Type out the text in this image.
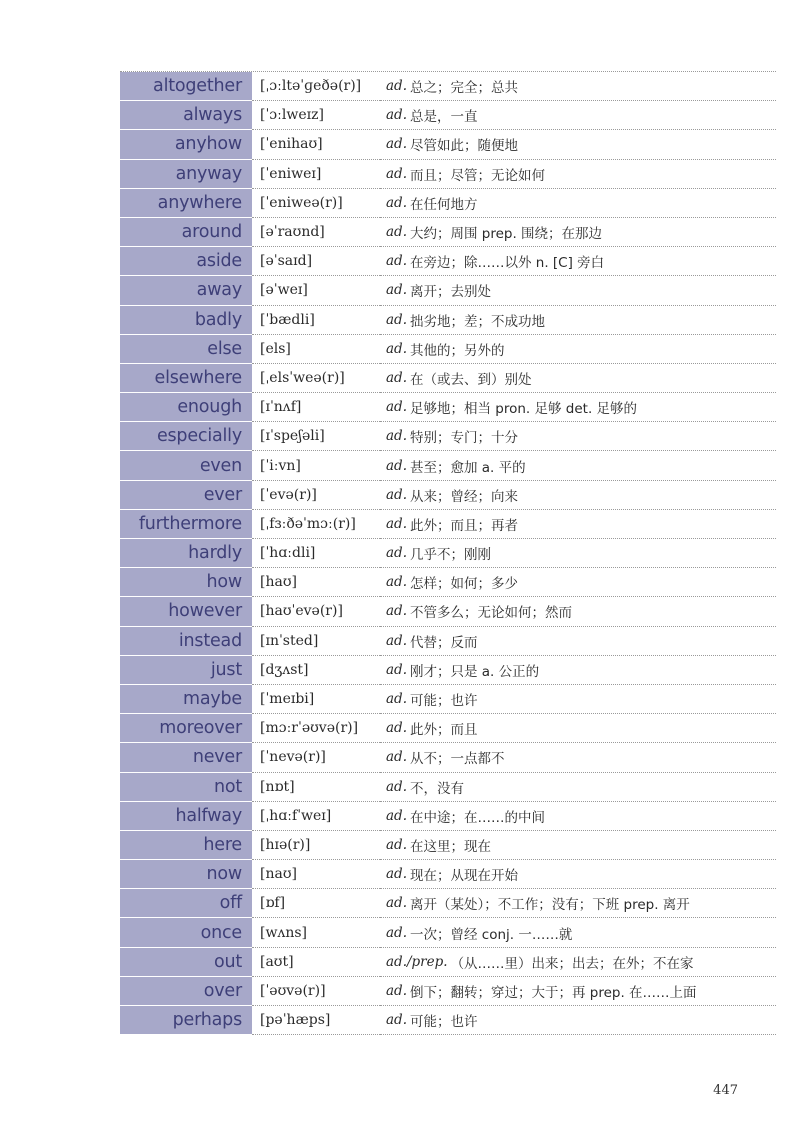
altogether	[ˌɔːltəˈɡeðə(r)]	ad. 总之；完全；总共
always	[ˈɔːlweɪz]	ad. 总是，一直
anyhow	[ˈenihaʊ]	ad. 尽管如此；随便地
anyway	[ˈeniweɪ]	ad. 而且；尽管；无论如何
anywhere	[ˈeniweə(r)]	ad. 在任何地方
around	[əˈraʊnd]	ad. 大约；周围 prep. 围绕；在那边
aside	[əˈsaɪd]	ad. 在旁边；除……以外 n. [C] 旁白
away	[əˈweɪ]	ad. 离开；去别处
badly	[ˈbædli]	ad. 拙劣地；差；不成功地
else	[els]	ad. 其他的；另外的
elsewhere	[ˌelsˈweə(r)]	ad. 在（或去、到）别处
enough	[ɪˈnʌf]	ad. 足够地；相当 pron. 足够 det. 足够的
especially	[ɪˈspeʃəli]	ad. 特别；专门；十分
even	[ˈiːvn]	ad. 甚至；愈加 a. 平的
ever	[ˈevə(r)]	ad. 从来；曾经；向来
furthermore	[ˌfɜːðəˈmɔː(r)]	ad. 此外；而且；再者
hardly	[ˈhɑːdli]	ad. 几乎不；刚刚
how	[haʊ]	ad. 怎样；如何；多少
however	[haʊˈevə(r)]	ad. 不管多么；无论如何；然而
instead	[ɪnˈsted]	ad. 代替；反而
just	[dʒʌst]	ad. 刚才；只是 a. 公正的
maybe	[ˈmeɪbi]	ad. 可能；也许
moreover	[mɔːrˈəʊvə(r)]	ad. 此外；而且
never	[ˈnevə(r)]	ad. 从不；一点都不
not	[nɒt]	ad. 不，没有
halfway	[ˌhɑːfˈweɪ]	ad. 在中途；在……的中间
here	[hɪə(r)]	ad. 在这里；现在
now	[naʊ]	ad. 现在；从现在开始
off	[ɒf]	ad. 离开（某处）；不工作；没有；下班 prep. 离开
once	[wʌns]	ad. 一次；曾经 conj. 一……就
out	[aʊt]	ad./prep. （从……里）出来；出去；在外；不在家
over	[ˈəʊvə(r)]	ad. 倒下；翻转；穿过；大于；再 prep. 在……上面
perhaps	[pəˈhæps]	ad. 可能；也许
447
